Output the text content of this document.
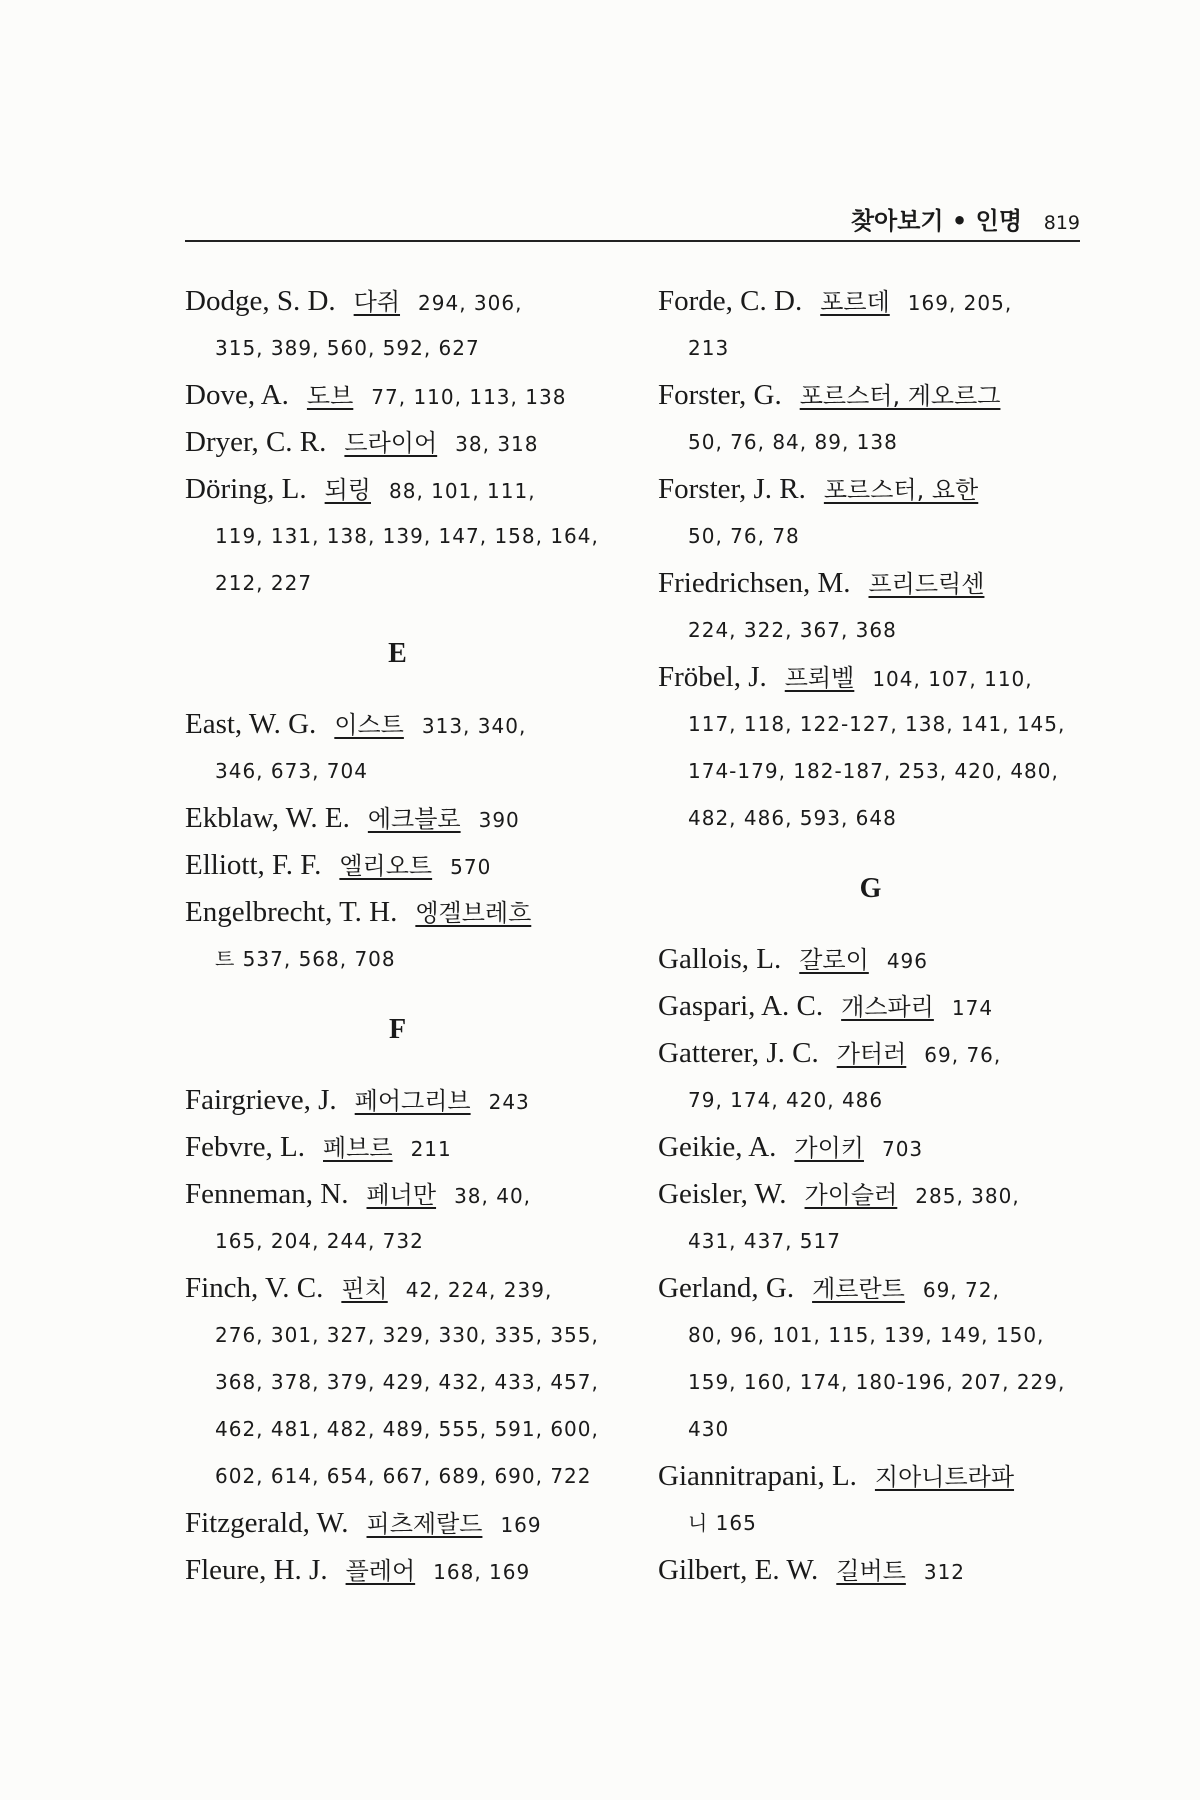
찾아보기 • 인명 819
Dodge, S. D. 다쥐 294, 306,
315, 389, 560, 592, 627
Dove, A. 도브 77, 110, 113, 138
Dryer, C. R. 드라이어 38, 318
Döring, L. 되링 88, 101, 111,
119, 131, 138, 139, 147, 158, 164,
212, 227
E
East, W. G. 이스트 313, 340,
346, 673, 704
Ekblaw, W. E. 에크블로 390
Elliott, F. F. 엘리오트 570
Engelbrecht, T. H. 엥겔브레흐
트 537, 568, 708
F
Fairgrieve, J. 페어그리브 243
Febvre, L. 페브르 211
Fenneman, N. 페너만 38, 40,
165, 204, 244, 732
Finch, V. C. 핀치 42, 224, 239,
276, 301, 327, 329, 330, 335, 355,
368, 378, 379, 429, 432, 433, 457,
462, 481, 482, 489, 555, 591, 600,
602, 614, 654, 667, 689, 690, 722
Fitzgerald, W. 피츠제랄드 169
Fleure, H. J. 플레어 168, 169
Forde, C. D. 포르데 169, 205,
213
Forster, G. 포르스터, 게오르그
50, 76, 84, 89, 138
Forster, J. R. 포르스터, 요한
50, 76, 78
Friedrichsen, M. 프리드릭센
224, 322, 367, 368
Fröbel, J. 프뢰벨 104, 107, 110,
117, 118, 122-127, 138, 141, 145,
174-179, 182-187, 253, 420, 480,
482, 486, 593, 648
G
Gallois, L. 갈로이 496
Gaspari, A. C. 개스파리 174
Gatterer, J. C. 가터러 69, 76,
79, 174, 420, 486
Geikie, A. 가이키 703
Geisler, W. 가이슬러 285, 380,
431, 437, 517
Gerland, G. 게르란트 69, 72,
80, 96, 101, 115, 139, 149, 150,
159, 160, 174, 180-196, 207, 229,
430
Giannitrapani, L. 지아니트라파
니 165
Gilbert, E. W. 길버트 312
